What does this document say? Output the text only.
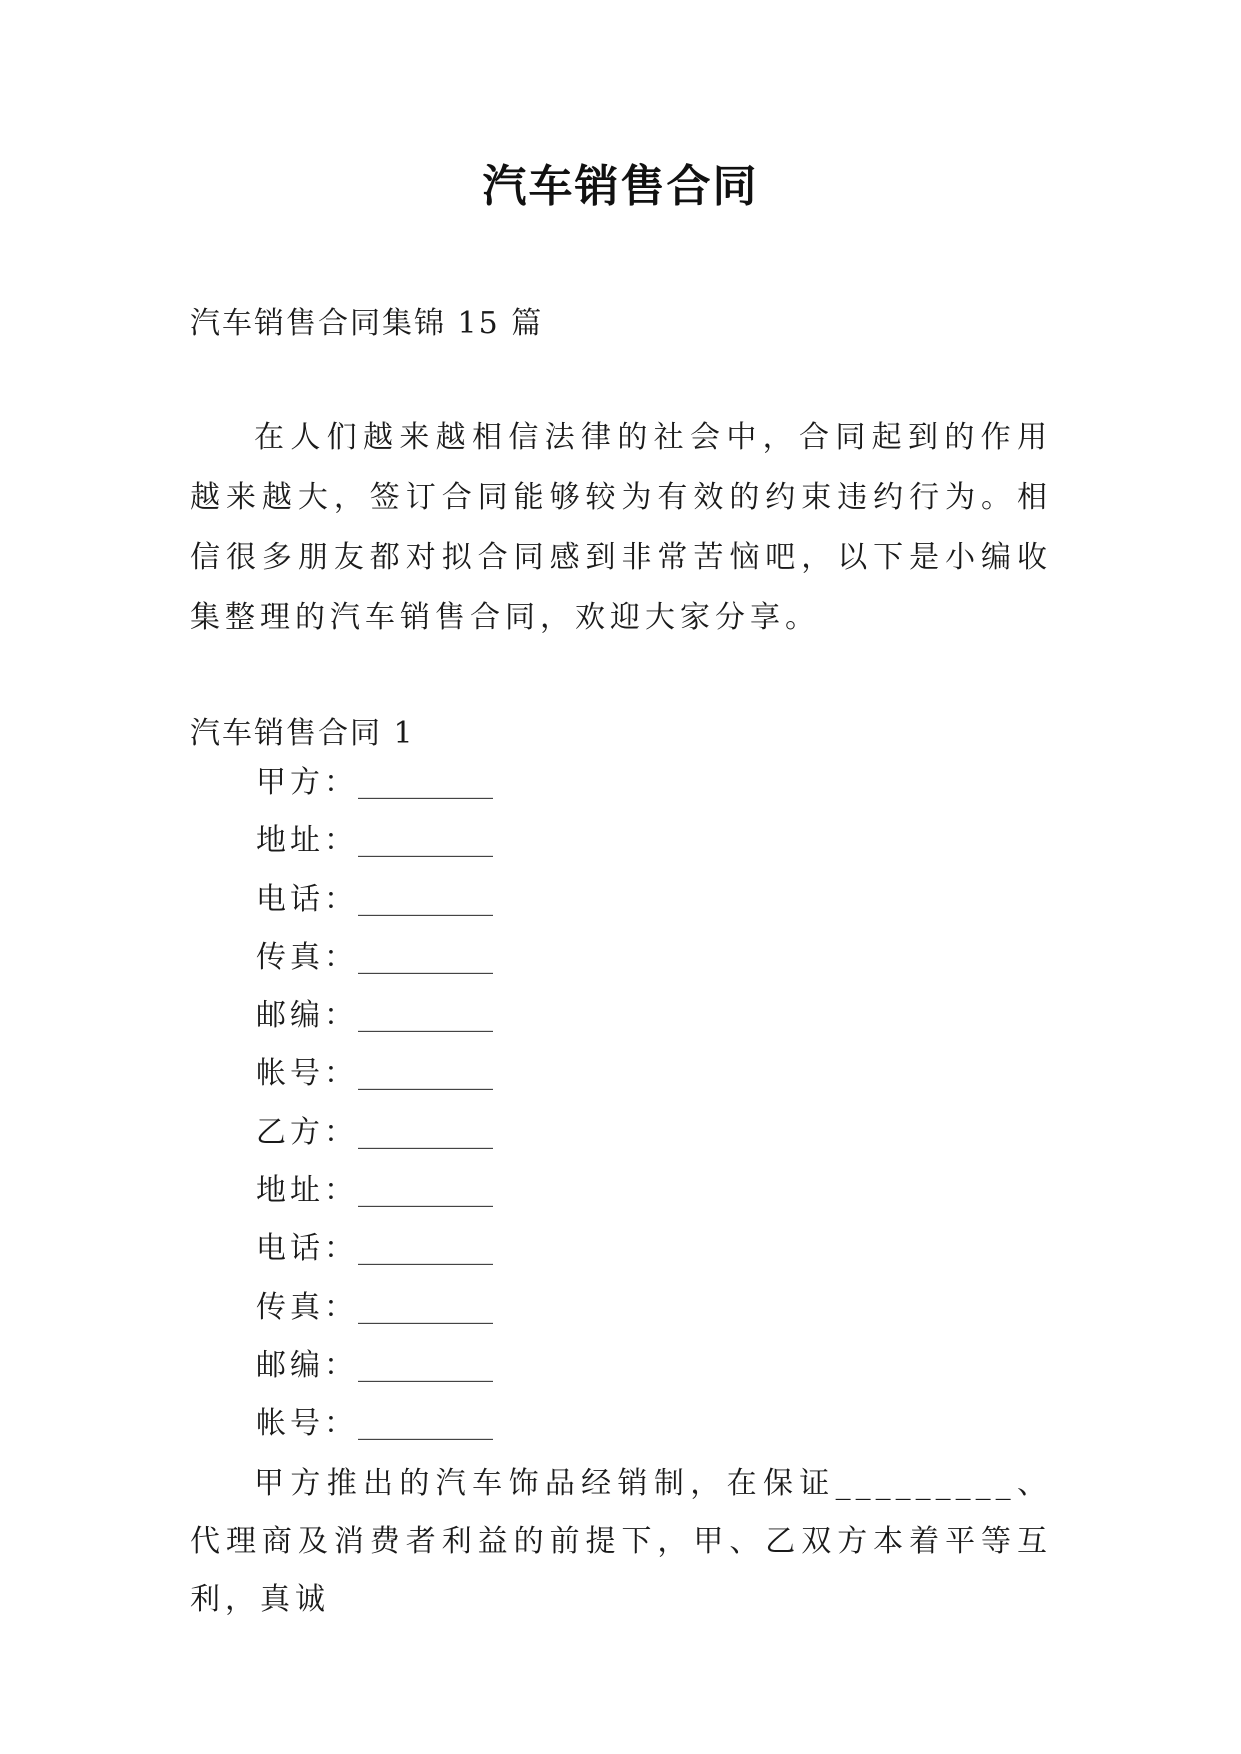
汽车销售合同
汽车销售合同集锦 15 篇

在人们越来越相信法律的社会中，合同起到的作用越来越大，签订合同能够较为有效的约束违约行为。相信很多朋友都对拟合同感到非常苦恼吧，以下是小编收集整理的汽车销售合同，欢迎大家分享。

汽车销售合同 1
甲方：_________
地址：_________
电话：_________
传真：_________
邮编：_________
帐号：_________
乙方：_________
地址：_________
电话：_________
传真：_________
邮编：_________
帐号：_________

甲方推出的汽车饰品经销制，在保证_________、代理商及消费者利益的前提下，甲、乙双方本着平等互利，真诚
